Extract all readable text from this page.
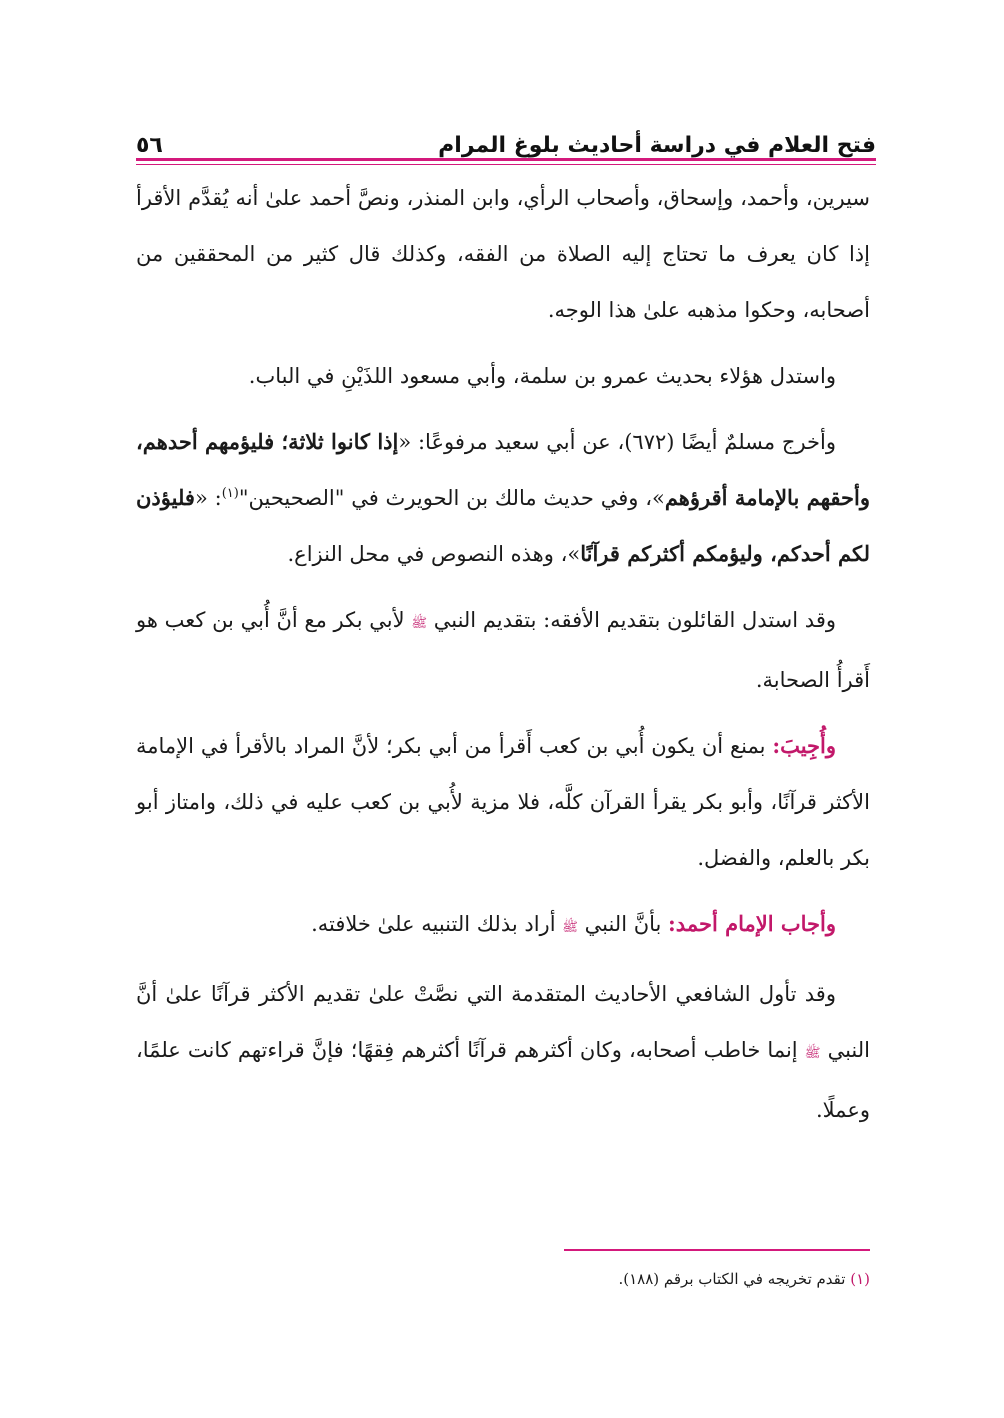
فتح العلام في دراسة أحاديث بلوغ المرام
٥٦

سيرين، وأحمد، وإسحاق، وأصحاب الرأي، وابن المنذر، ونصَّ أحمد علىٰ أنه يُقدَّم الأقرأ إذا كان يعرف ما تحتاج إليه الصلاة من الفقه، وكذلك قال كثير من المحققين من أصحابه، وحكوا مذهبه علىٰ هذا الوجه.

واستدل هؤلاء بحديث عمرو بن سلمة، وأبي مسعود اللذَيْنِ في الباب.

وأخرج مسلمٌ أيضًا (٦٧٢)، عن أبي سعيد مرفوعًا: «إذا كانوا ثلاثة؛ فليؤمهم أحدهم، وأحقهم بالإمامة أقرؤهم»، وفي حديث مالك بن الحويرث في "الصحيحين"$^{(١)}$: «فليؤذن لكم أحدكم، وليؤمكم أكثركم قرآنًا»، وهذه النصوص في محل النزاع.

وقد استدل القائلون بتقديم الأفقه: بتقديم النبي ﷺ لأبي بكر مع أنَّ أُبي بن كعب هو أَقرأُ الصحابة.

وأُجِيبَ: بمنع أن يكون أُبي بن كعب أَقرأ من أبي بكر؛ لأنَّ المراد بالأقرأ في الإمامة الأكثر قرآنًا، وأبو بكر يقرأ القرآن كلَّه، فلا مزية لأُبي بن كعب عليه في ذلك، وامتاز أبو بكر بالعلم، والفضل.

وأجاب الإمام أحمد: بأنَّ النبي ﷺ أراد بذلك التنبيه علىٰ خلافته.

وقد تأول الشافعي الأحاديث المتقدمة التي نصَّتْ علىٰ تقديم الأكثر قرآنًا علىٰ أنَّ النبي ﷺ إنما خاطب أصحابه، وكان أكثرهم قرآنًا أكثرهم فِقهًا؛ فإنَّ قراءتهم كانت علمًا، وعملًا.

(١) تقدم تخريجه في الكتاب برقم (١٨٨).
